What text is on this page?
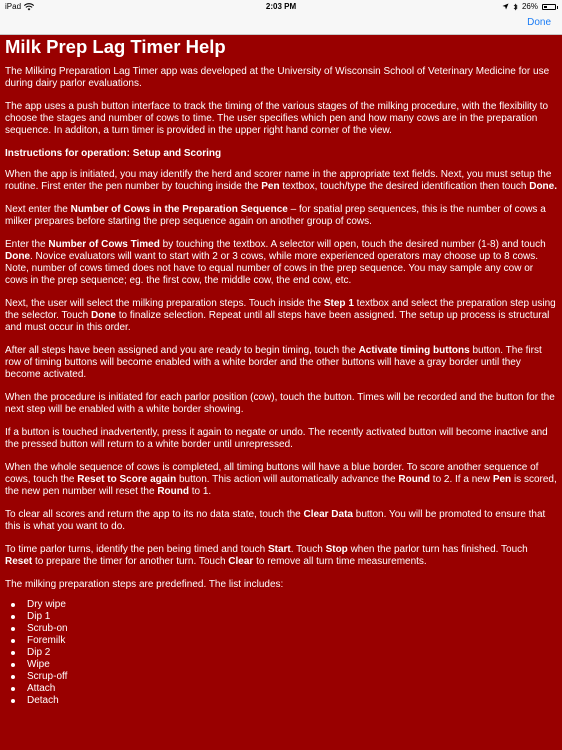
iPad	2:03 PM	26%
Done
Milk Prep Lag Timer Help

The Milking Preparation Lag Timer app was developed at the University of Wisconsin School of Veterinary Medicine for use during dairy parlor evaluations.

The app uses a push button interface to track the timing of the various stages of the milking procedure, with the flexibility to choose the stages and number of cows to time. The user specifies which pen and how many cows are in the preparation sequence. In additon, a turn timer is provided in the upper right hand corner of the view.

Instructions for operation: Setup and Scoring

When the app is initiated, you may identify the herd and scorer name in the appropriate text fields. Next, you must setup the routine. First enter the pen number by touching inside the Pen textbox, touch/type the desired identification then touch Done.

Next enter the Number of Cows in the Preparation Sequence – for spatial prep sequences, this is the number of cows a milker prepares before starting the prep sequence again on another group of cows.

Enter the Number of Cows Timed by touching the textbox. A selector will open, touch the desired number (1-8) and touch Done. Novice evaluators will want to start with 2 or 3 cows, while more experienced operators may choose up to 8 cows. Note, number of cows timed does not have to equal number of cows in the prep sequence. You may sample any cow or cows in the prep sequence; eg. the first cow, the middle cow, the end cow, etc.

Next, the user will select the milking preparation steps. Touch inside the Step 1 textbox and select the preparation step using the selector. Touch Done to finalize selection. Repeat until all steps have been assigned. The setup up process is structural and must occur in this order.

After all steps have been assigned and you are ready to begin timing, touch the Activate timing buttons button. The first row of timing buttons will become enabled with a white border and the other buttons will have a gray border until they become activated.

When the procedure is initiated for each parlor position (cow), touch the button. Times will be recorded and the button for the next step will be enabled with a white border showing.

If a button is touched inadvertently, press it again to negate or undo. The recently activated button will become inactive and the pressed button will return to a white border until unrepressed.

When the whole sequence of cows is completed, all timing buttons will have a blue border. To score another sequence of cows, touch the Reset to Score again button. This action will automatically advance the Round to 2. If a new Pen is scored, the new pen number will reset the Round to 1.

To clear all scores and return the app to its no data state, touch the Clear Data button. You will be promoted to ensure that this is what you want to do.

To time parlor turns, identify the pen being timed and touch Start. Touch Stop when the parlor turn has finished. Touch Reset to prepare the timer for another turn. Touch Clear to remove all turn time measurements.

The milking preparation steps are predefined. The list includes:

Dry wipe
Dip 1
Scrub-on
Foremilk
Dip 2
Wipe
Scrup-off
Attach
Detach
